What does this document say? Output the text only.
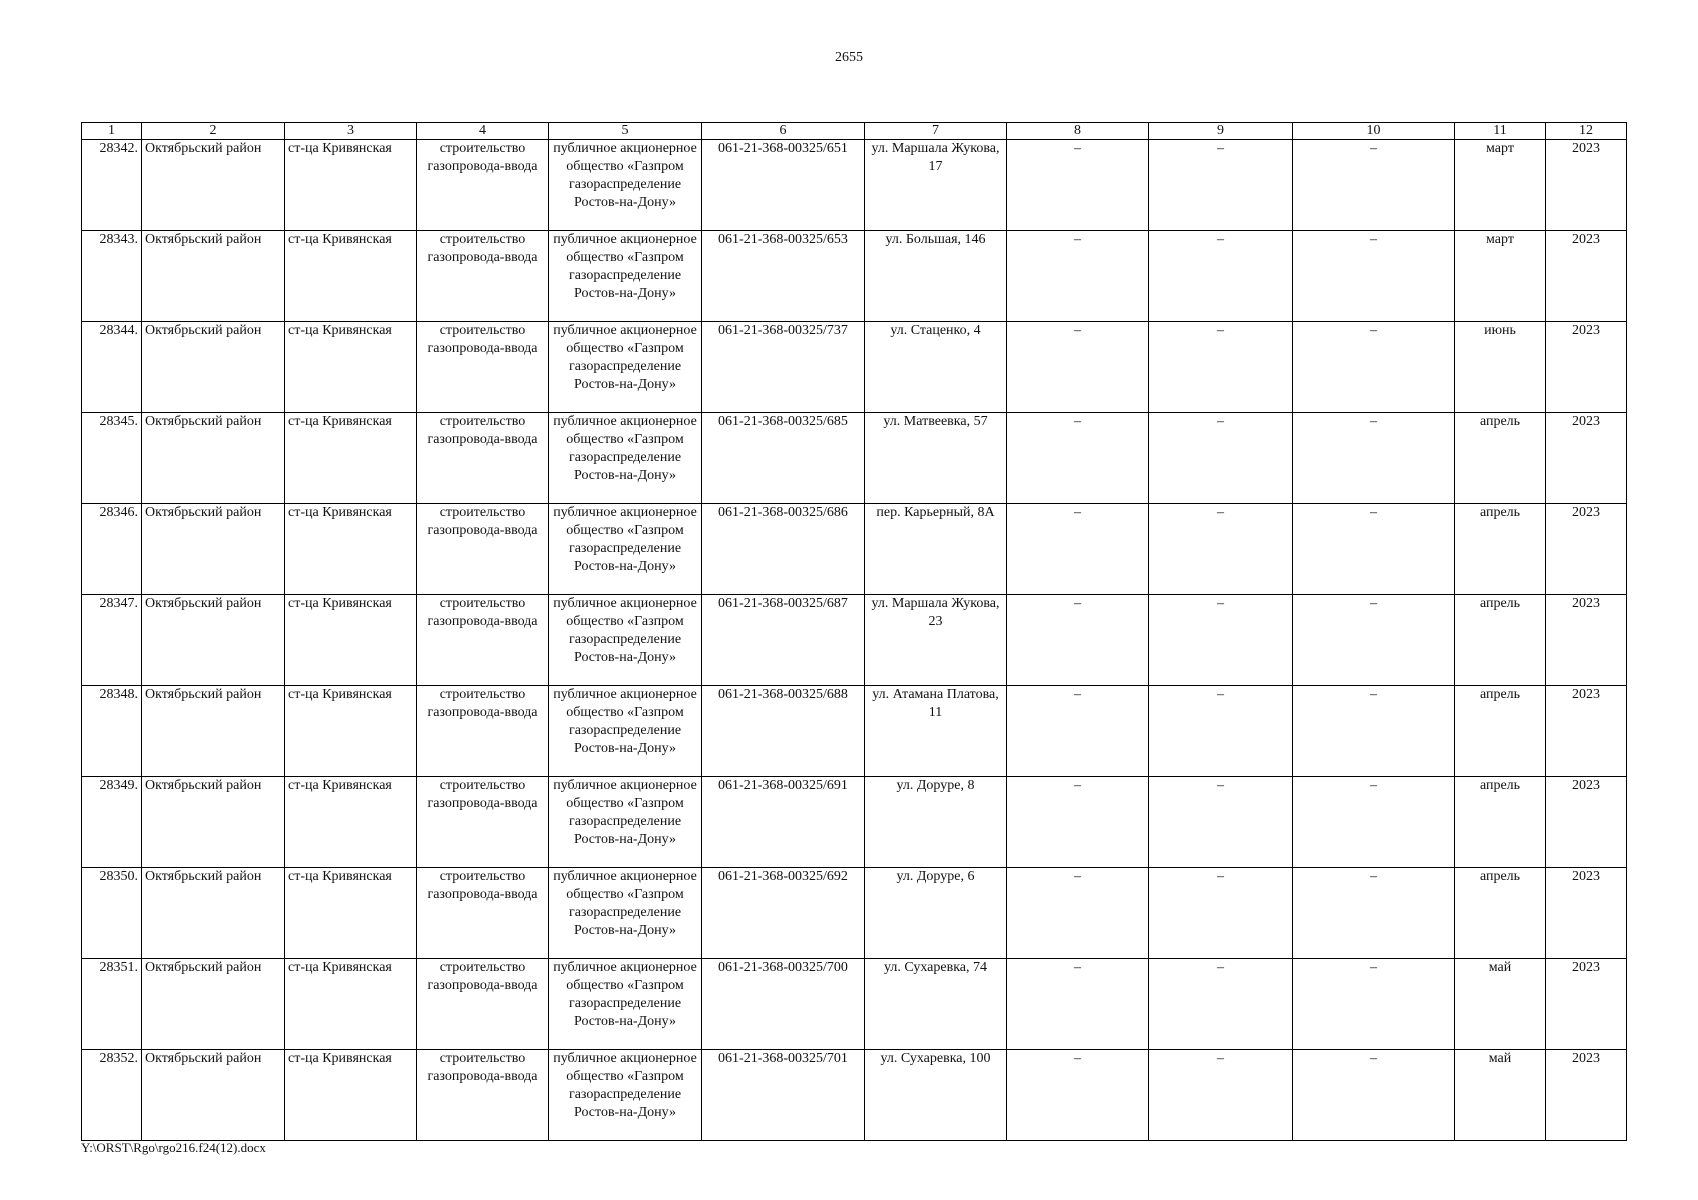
2655
1	2	3	4	5	6	7	8	9	10	11	12
28342.	Октябрьский район	ст-ца Кривянская	строительство газопровода-ввода	публичное акционерное общество «Газпром газораспределение Ростов-на-Дону»	061-21-368-00325/651	ул. Маршала Жукова, 17	–	–	–	март	2023
28343.	Октябрьский район	ст-ца Кривянская	строительство газопровода-ввода	публичное акционерное общество «Газпром газораспределение Ростов-на-Дону»	061-21-368-00325/653	ул. Большая, 146	–	–	–	март	2023
28344.	Октябрьский район	ст-ца Кривянская	строительство газопровода-ввода	публичное акционерное общество «Газпром газораспределение Ростов-на-Дону»	061-21-368-00325/737	ул. Стаценко, 4	–	–	–	июнь	2023
28345.	Октябрьский район	ст-ца Кривянская	строительство газопровода-ввода	публичное акционерное общество «Газпром газораспределение Ростов-на-Дону»	061-21-368-00325/685	ул. Матвеевка, 57	–	–	–	апрель	2023
28346.	Октябрьский район	ст-ца Кривянская	строительство газопровода-ввода	публичное акционерное общество «Газпром газораспределение Ростов-на-Дону»	061-21-368-00325/686	пер. Карьерный, 8А	–	–	–	апрель	2023
28347.	Октябрьский район	ст-ца Кривянская	строительство газопровода-ввода	публичное акционерное общество «Газпром газораспределение Ростов-на-Дону»	061-21-368-00325/687	ул. Маршала Жукова, 23	–	–	–	апрель	2023
28348.	Октябрьский район	ст-ца Кривянская	строительство газопровода-ввода	публичное акционерное общество «Газпром газораспределение Ростов-на-Дону»	061-21-368-00325/688	ул. Атамана Платова, 11	–	–	–	апрель	2023
28349.	Октябрьский район	ст-ца Кривянская	строительство газопровода-ввода	публичное акционерное общество «Газпром газораспределение Ростов-на-Дону»	061-21-368-00325/691	ул. Доруре, 8	–	–	–	апрель	2023
28350.	Октябрьский район	ст-ца Кривянская	строительство газопровода-ввода	публичное акционерное общество «Газпром газораспределение Ростов-на-Дону»	061-21-368-00325/692	ул. Доруре, 6	–	–	–	апрель	2023
28351.	Октябрьский район	ст-ца Кривянская	строительство газопровода-ввода	публичное акционерное общество «Газпром газораспределение Ростов-на-Дону»	061-21-368-00325/700	ул. Сухаревка, 74	–	–	–	май	2023
28352.	Октябрьский район	ст-ца Кривянская	строительство газопровода-ввода	публичное акционерное общество «Газпром газораспределение Ростов-на-Дону»	061-21-368-00325/701	ул. Сухаревка, 100	–	–	–	май	2023
Y:\ORST\Rgo\rgo216.f24(12).docx
